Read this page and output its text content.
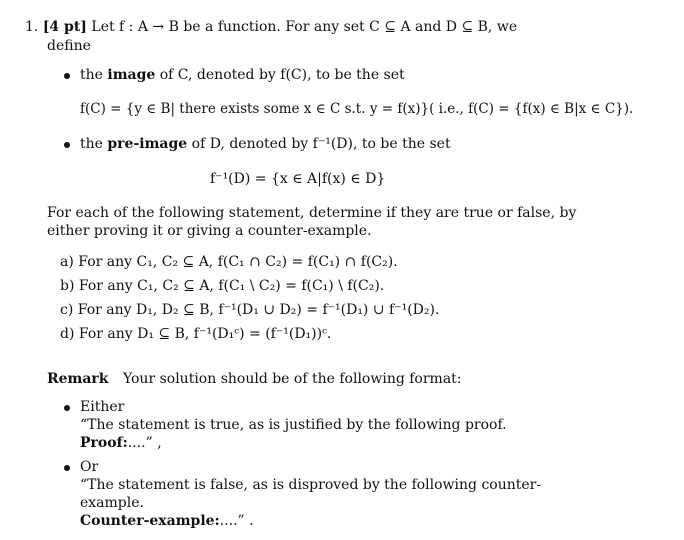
1. [4 pt] Let f : A → B be a function. For any set C ⊆ A and D ⊆ B, we
define
the image of C, denoted by f(C), to be the set
f(C) = {y ∈ B| there exists some x ∈ C s.t. y = f(x)}( i.e., f(C) = {f(x) ∈ B|x ∈ C}).
the pre-image of D, denoted by f⁻¹(D), to be the set
f⁻¹(D) = {x ∈ A|f(x) ∈ D}
For each of the following statement, determine if they are true or false, by
either proving it or giving a counter-example.
a) For any C₁, C₂ ⊆ A, f(C₁ ∩ C₂) = f(C₁) ∩ f(C₂).
b) For any C₁, C₂ ⊆ A, f(C₁ \ C₂) = f(C₁) \ f(C₂).
c) For any D₁, D₂ ⊆ B, f⁻¹(D₁ ∪ D₂) = f⁻¹(D₁) ∪ f⁻¹(D₂).
d) For any D₁ ⊆ B, f⁻¹(D₁ᶜ) = (f⁻¹(D₁))ᶜ.
Remark Your solution should be of the following format:
Either
“The statement is true, as is justified by the following proof.
Proof:....” ,
Or
“The statement is false, as is disproved by the following counter-
example.
Counter-example:....” .
